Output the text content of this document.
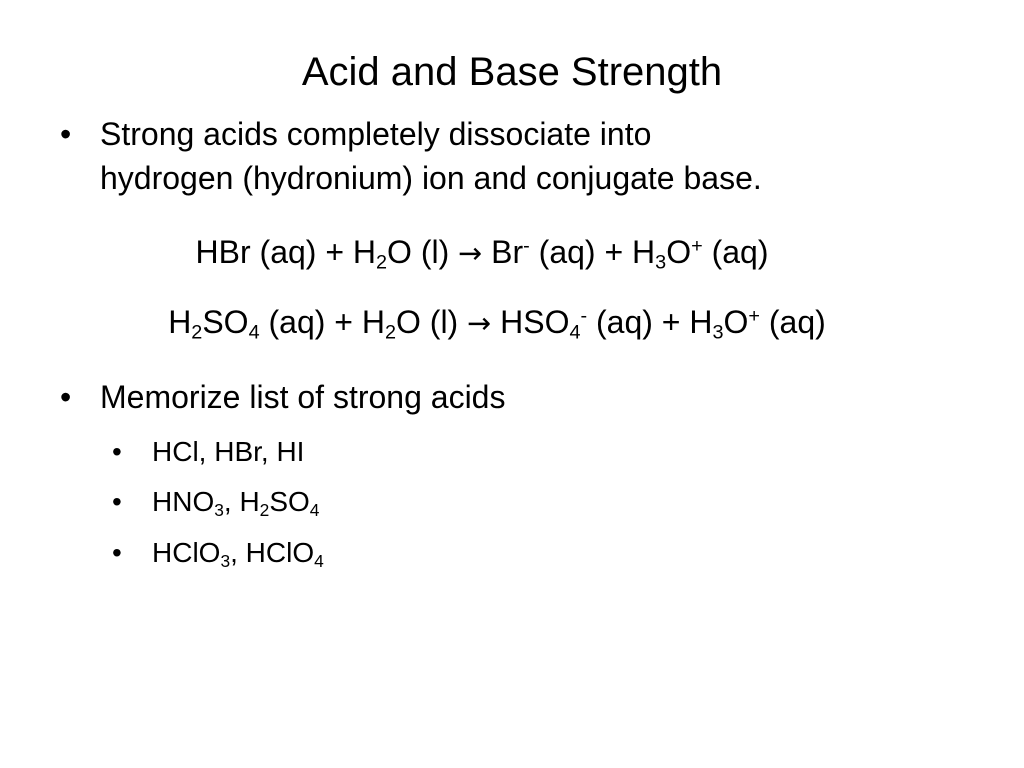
Acid and Base Strength
• Strong acids completely dissociate into
hydrogen (hydronium) ion and conjugate base.
HBr $(aq) + H_2O$ (l) → Br- $(aq) + H_3O^+$ (aq)
$H_2SO_4$ $(aq) + H_2O$ $(l) \to HSO_4^-$ $(aq) + H_3O^+$ (aq)
• Memorize list of strong acids
• HCl, HBr, HI
• $HNO_3$, $H_2SO_4$
• HClO$_3$, HClO$_4$
